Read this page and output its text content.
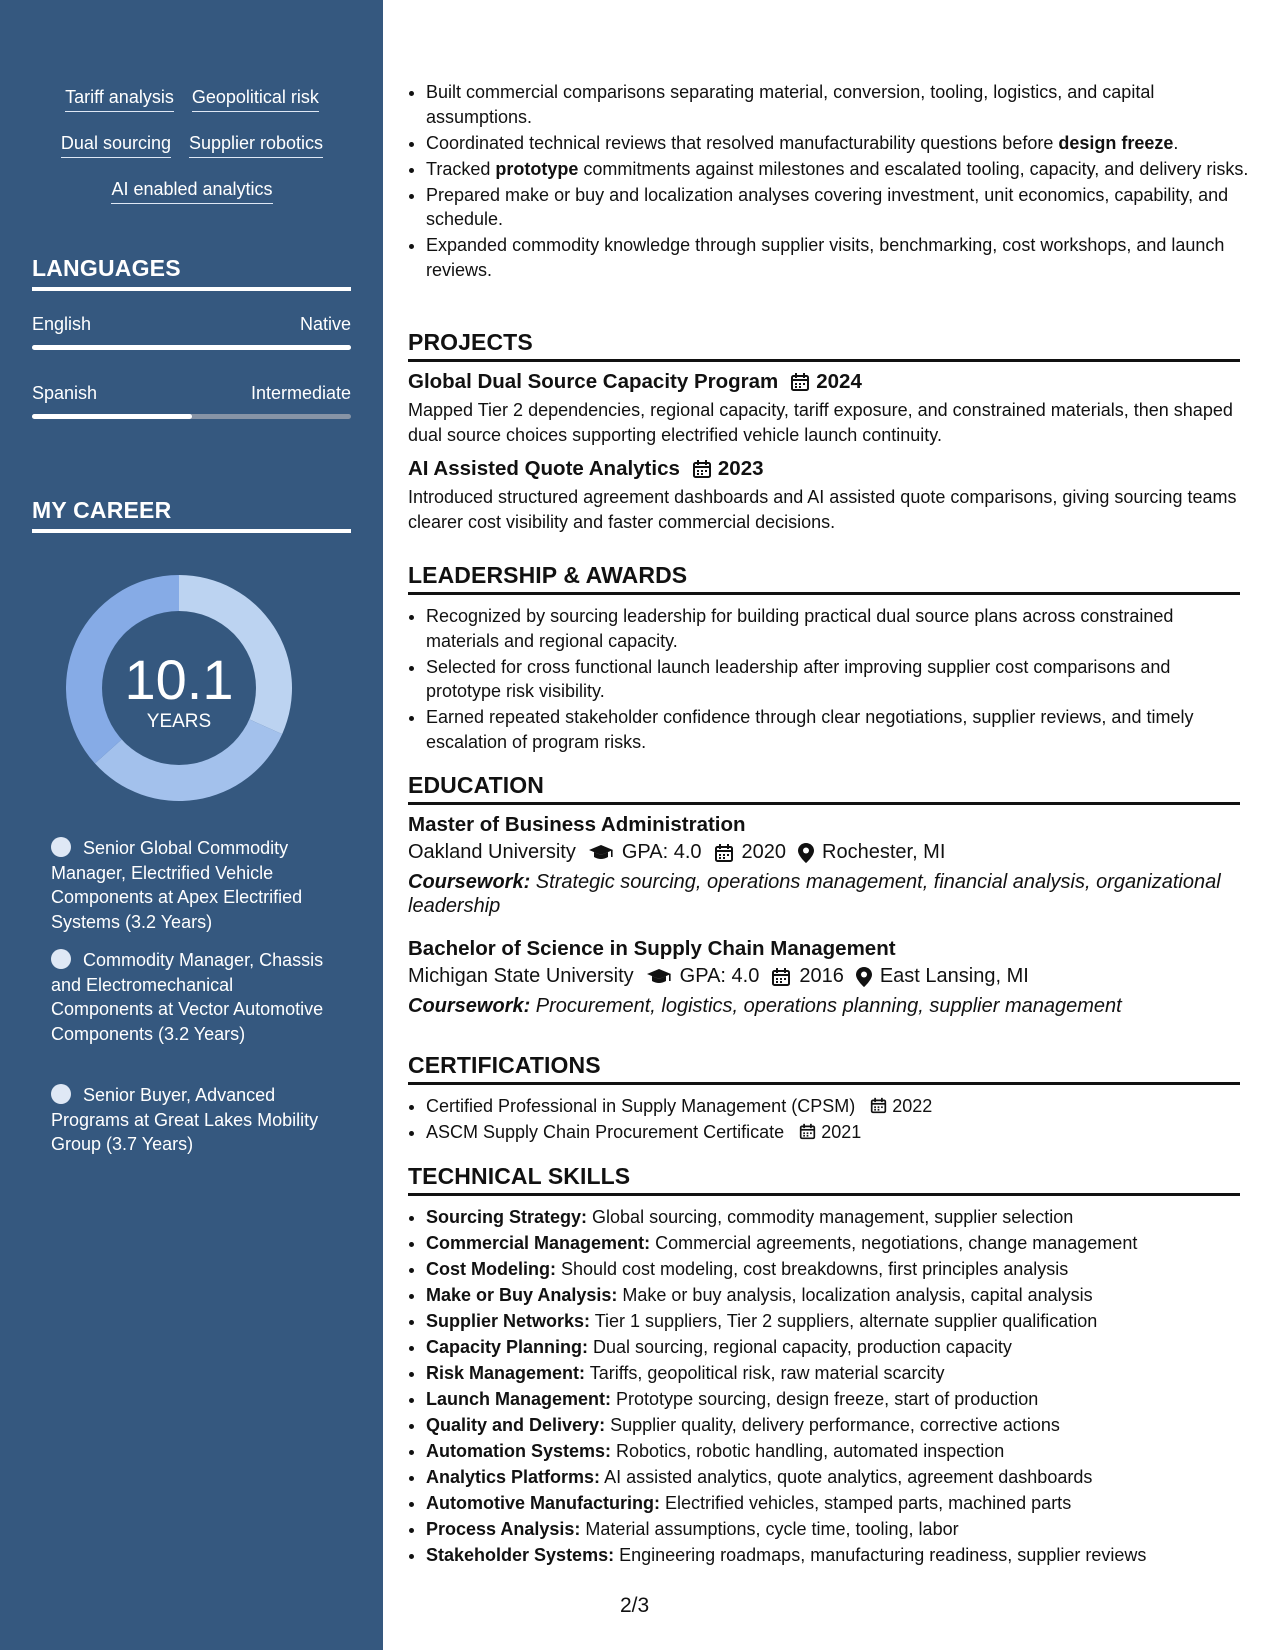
Tariff analysis Geopolitical risk
Dual sourcing Supplier robotics
AI enabled analytics
LANGUAGES
English	Native
Spanish	Intermediate
MY CAREER
10.1
YEARS
Senior Global Commodity Manager, Electrified Vehicle Components at Apex Electrified Systems (3.2 Years)
Commodity Manager, Chassis and Electromechanical Components at Vector Automotive Components (3.2 Years)
Senior Buyer, Advanced Programs at Great Lakes Mobility Group (3.7 Years)
• Built commercial comparisons separating material, conversion, tooling, logistics, and capital assumptions.
• Coordinated technical reviews that resolved manufacturability questions before design freeze.
• Tracked prototype commitments against milestones and escalated tooling, capacity, and delivery risks.
• Prepared make or buy and localization analyses covering investment, unit economics, capability, and schedule.
• Expanded commodity knowledge through supplier visits, benchmarking, cost workshops, and launch reviews.
PROJECTS
Global Dual Source Capacity Program 2024

Mapped Tier 2 dependencies, regional capacity, tariff exposure, and constrained materials, then shaped dual source choices supporting electrified vehicle launch continuity.

AI Assisted Quote Analytics 2023

Introduced structured agreement dashboards and AI assisted quote comparisons, giving sourcing teams clearer cost visibility and faster commercial decisions.

LEADERSHIP & AWARDS
• Recognized by sourcing leadership for building practical dual source plans across constrained materials and regional capacity.
• Selected for cross functional launch leadership after improving supplier cost comparisons and prototype risk visibility.
• Earned repeated stakeholder confidence through clear negotiations, supplier reviews, and timely escalation of program risks.
EDUCATION
Master of Business Administration
Oakland University GPA: 4.0 2020 Rochester, MI
Coursework: Strategic sourcing, operations management, financial analysis, organizational leadership
Bachelor of Science in Supply Chain Management
Michigan State University GPA: 4.0 2016 East Lansing, MI
Coursework: Procurement, logistics, operations planning, supplier management
CERTIFICATIONS
• Certified Professional in Supply Management (CPSM) 2022
• ASCM Supply Chain Procurement Certificate 2021
TECHNICAL SKILLS
• Sourcing Strategy: Global sourcing, commodity management, supplier selection
• Commercial Management: Commercial agreements, negotiations, change management
• Cost Modeling: Should cost modeling, cost breakdowns, first principles analysis
• Make or Buy Analysis: Make or buy analysis, localization analysis, capital analysis
• Supplier Networks: Tier 1 suppliers, Tier 2 suppliers, alternate supplier qualification
• Capacity Planning: Dual sourcing, regional capacity, production capacity
• Risk Management: Tariffs, geopolitical risk, raw material scarcity
• Launch Management: Prototype sourcing, design freeze, start of production
• Quality and Delivery: Supplier quality, delivery performance, corrective actions
• Automation Systems: Robotics, robotic handling, automated inspection
• Analytics Platforms: AI assisted analytics, quote analytics, agreement dashboards
• Automotive Manufacturing: Electrified vehicles, stamped parts, machined parts
• Process Analysis: Material assumptions, cycle time, tooling, labor
• Stakeholder Systems: Engineering roadmaps, manufacturing readiness, supplier reviews
2/3
